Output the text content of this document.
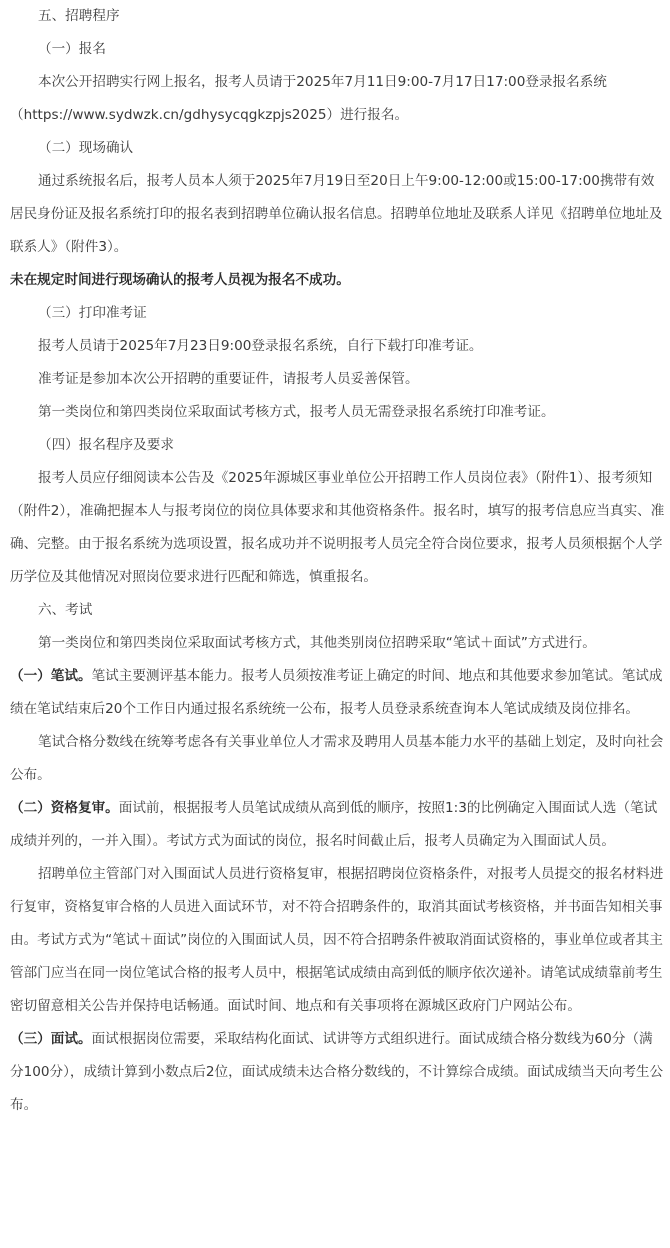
五、招聘程序

（一）报名

本次公开招聘实行网上报名，报考人员请于2025年7月11日9:00-7月17日17:00登录报名系统（https://www.sydwzk.cn/gdhysycqgkzpjs2025）进行报名。

（二）现场确认

通过系统报名后，报考人员本人须于2025年7月19日至20日上午9:00-12:00或15:00-17:00携带有效居民身份证及报名系统打印的报名表到招聘单位确认报名信息。招聘单位地址及联系人详见《招聘单位地址及联系人》（附件3）。

未在规定时间进行现场确认的报考人员视为报名不成功。

（三）打印准考证

报考人员请于2025年7月23日9:00登录报名系统，自行下载打印准考证。

准考证是参加本次公开招聘的重要证件，请报考人员妥善保管。

第一类岗位和第四类岗位采取面试考核方式，报考人员无需登录报名系统打印准考证。

（四）报名程序及要求

报考人员应仔细阅读本公告及《2025年源城区事业单位公开招聘工作人员岗位表》（附件1）、报考须知（附件2），准确把握本人与报考岗位的岗位具体要求和其他资格条件。报名时，填写的报考信息应当真实、准确、完整。由于报名系统为选项设置，报名成功并不说明报考人员完全符合岗位要求，报考人员须根据个人学历学位及其他情况对照岗位要求进行匹配和筛选，慎重报名。

六、考试

第一类岗位和第四类岗位采取面试考核方式，其他类别岗位招聘采取“笔试＋面试”方式进行。

（一）笔试。笔试主要测评基本能力。报考人员须按准考证上确定的时间、地点和其他要求参加笔试。笔试成绩在笔试结束后20个工作日内通过报名系统统一公布，报考人员登录系统查询本人笔试成绩及岗位排名。

笔试合格分数线在统筹考虑各有关事业单位人才需求及聘用人员基本能力水平的基础上划定，及时向社会公布。

（二）资格复审。面试前，根据报考人员笔试成绩从高到低的顺序，按照1:3的比例确定入围面试人选（笔试成绩并列的，一并入围）。考试方式为面试的岗位，报名时间截止后，报考人员确定为入围面试人员。

招聘单位主管部门对入围面试人员进行资格复审，根据招聘岗位资格条件，对报考人员提交的报名材料进行复审，资格复审合格的人员进入面试环节，对不符合招聘条件的，取消其面试考核资格，并书面告知相关事由。考试方式为“笔试＋面试”岗位的入围面试人员，因不符合招聘条件被取消面试资格的，事业单位或者其主管部门应当在同一岗位笔试合格的报考人员中，根据笔试成绩由高到低的顺序依次递补。请笔试成绩靠前考生密切留意相关公告并保持电话畅通。面试时间、地点和有关事项将在源城区政府门户网站公布。

（三）面试。面试根据岗位需要，采取结构化面试、试讲等方式组织进行。面试成绩合格分数线为60分（满分100分），成绩计算到小数点后2位，面试成绩未达合格分数线的，不计算综合成绩。面试成绩当天向考生公布。
